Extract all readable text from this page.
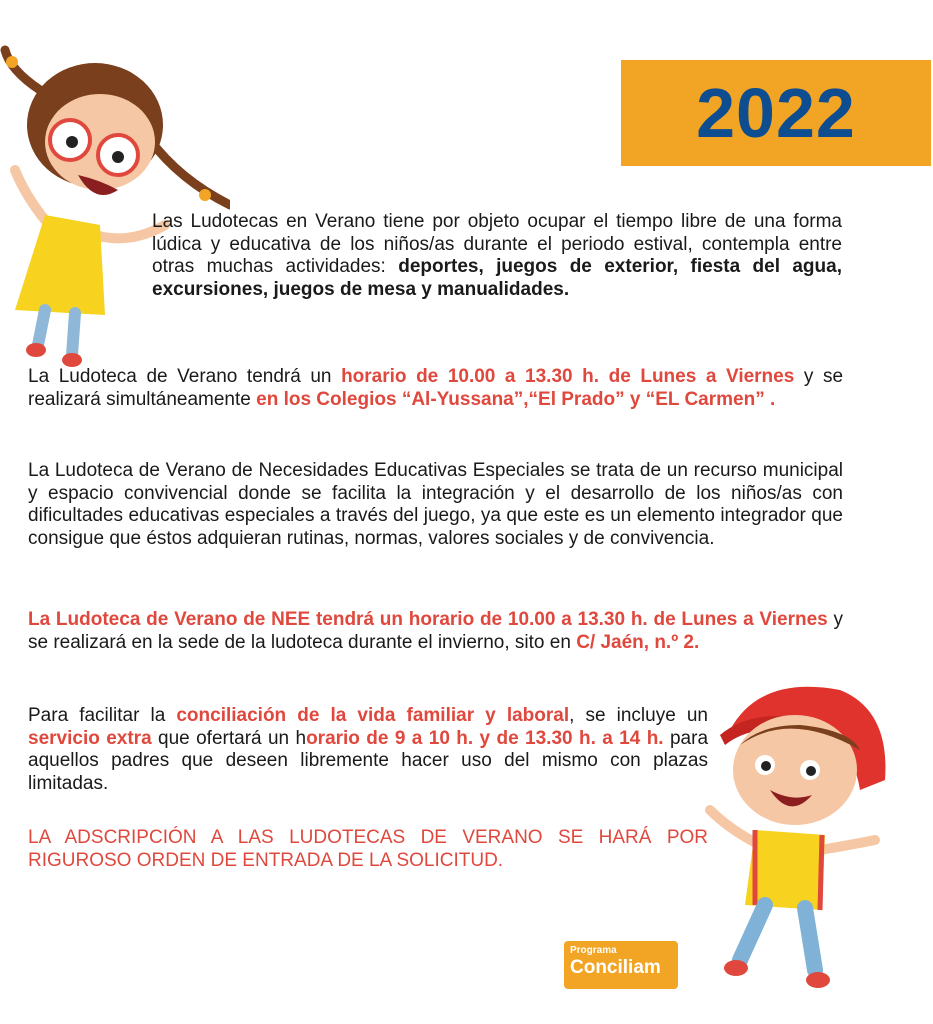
2022

Las Ludotecas en Verano tiene por objeto ocupar el tiempo libre de una forma lúdica y educativa de los niños/as durante el periodo estival, contempla entre otras muchas actividades: deportes, juegos de exterior, fiesta del agua, excursiones, juegos de mesa y manualidades.

La Ludoteca de Verano tendrá un horario de 10.00 a 13.30 h. de Lunes a Viernes y se realizará simultáneamente en los Colegios “Al-Yussana”,“El Prado” y “EL Carmen” .

La Ludoteca de Verano de Necesidades Educativas Especiales se trata de un recurso municipal y espacio convivencial donde se facilita la integración y el desarrollo de los niños/as con dificultades educativas especiales a través del juego, ya que este es un elemento integrador que consigue que éstos adquieran rutinas, normas, valores sociales y de convivencia.

La Ludoteca de Verano de NEE tendrá un horario de 10.00 a 13.30 h. de Lunes a Viernes y se realizará en la sede de la ludoteca durante el invierno, sito en C/ Jaén, n.º 2.

Para facilitar la conciliación de la vida familiar y laboral, se incluye un servicio extra que ofertará un horario de 9 a 10 h. y de 13.30 h. a 14 h. para aquellos padres que deseen libremente hacer uso del mismo con plazas limitadas.

LA ADSCRIPCIÓN A LAS LUDOTECAS DE VERANO SE HARÁ POR RIGUROSO ORDEN DE ENTRADA DE LA SOLICITUD.

Programa
Conciliam
